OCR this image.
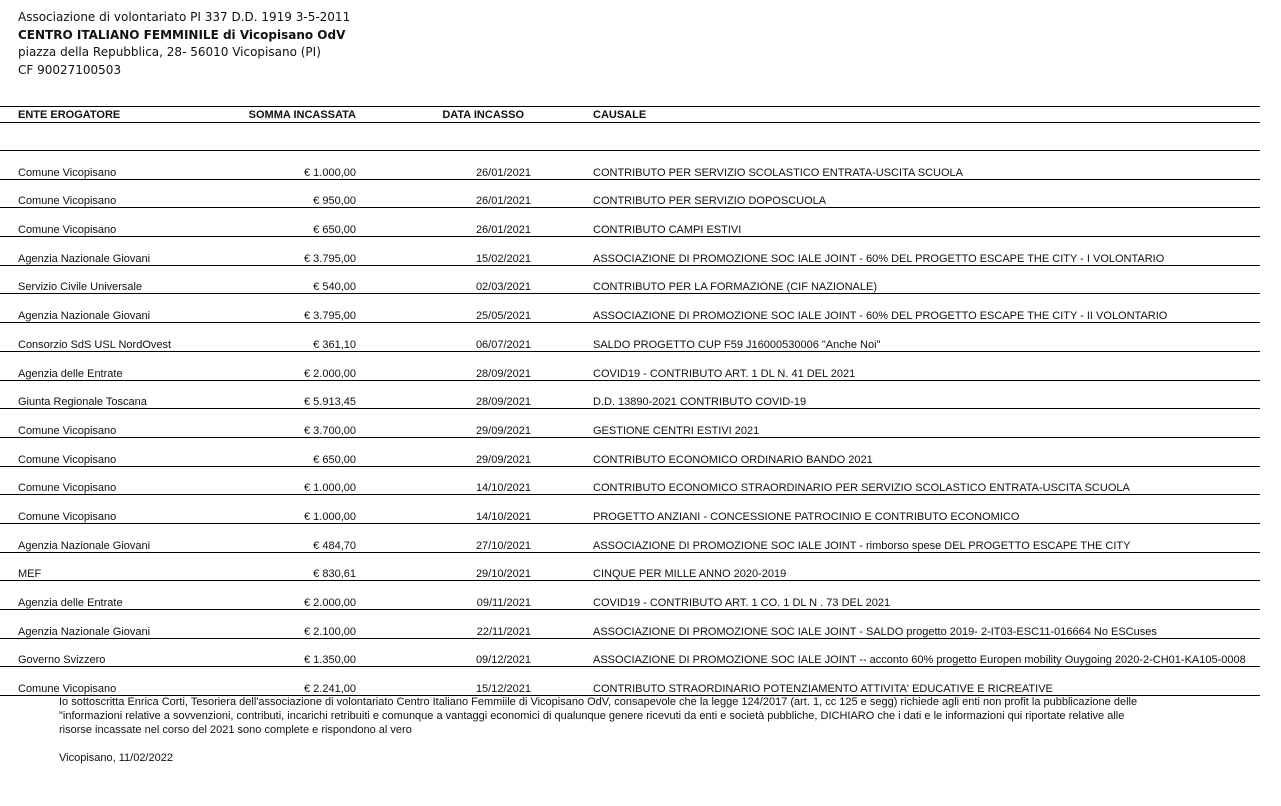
Associazione di volontariato PI 337 D.D. 1919 3-5-2011
CENTRO ITALIANO FEMMINILE di Vicopisano OdV
piazza della Repubblica, 28- 56010 Vicopisano (PI)
CF 90027100503
ENTE EROGATORE	SOMMA INCASSATA	DATA INCASSO	CAUSALE

Comune Vicopisano	€ 1.000,00	26/01/2021	CONTRIBUTO PER SERVIZIO SCOLASTICO ENTRATA-USCITA SCUOLA
Comune Vicopisano	€ 950,00	26/01/2021	CONTRIBUTO PER SERVIZIO DOPOSCUOLA
Comune Vicopisano	€ 650,00	26/01/2021	CONTRIBUTO CAMPI ESTIVI
Agenzia Nazionale Giovani	€ 3.795,00	15/02/2021	ASSOCIAZIONE DI PROMOZIONE SOC IALE JOINT - 60% DEL PROGETTO ESCAPE THE CITY - I VOLONTARIO
Servizio Civile Universale	€ 540,00	02/03/2021	CONTRIBUTO PER LA FORMAZIONE (CIF NAZIONALE)
Agenzia Nazionale Giovani	€ 3.795,00	25/05/2021	ASSOCIAZIONE DI PROMOZIONE SOC IALE JOINT - 60% DEL PROGETTO ESCAPE THE CITY - II VOLONTARIO
Consorzio SdS USL NordOvest	€ 361,10	06/07/2021	SALDO PROGETTO CUP F59 J16000530006 "Anche Noi"
Agenzia delle Entrate	€ 2.000,00	28/09/2021	COVID19 - CONTRIBUTO ART. 1 DL N. 41 DEL 2021
Giunta Regionale Toscana	€ 5.913,45	28/09/2021	D.D. 13890-2021 CONTRIBUTO COVID-19
Comune Vicopisano	€ 3.700,00	29/09/2021	GESTIONE CENTRI ESTIVI 2021
Comune Vicopisano	€ 650,00	29/09/2021	CONTRIBUTO ECONOMICO ORDINARIO BANDO 2021
Comune Vicopisano	€ 1.000,00	14/10/2021	CONTRIBUTO ECONOMICO STRAORDINARIO PER SERVIZIO SCOLASTICO ENTRATA-USCITA SCUOLA
Comune Vicopisano	€ 1.000,00	14/10/2021	PROGETTO ANZIANI - CONCESSIONE PATROCINIO E CONTRIBUTO ECONOMICO
Agenzia Nazionale Giovani	€ 484,70	27/10/2021	ASSOCIAZIONE DI PROMOZIONE SOC IALE JOINT - rimborso spese DEL PROGETTO ESCAPE THE CITY
MEF	€ 830,61	29/10/2021	CINQUE PER MILLE ANNO 2020-2019
Agenzia delle Entrate	€ 2.000,00	09/11/2021	COVID19 - CONTRIBUTO ART. 1 CO. 1 DL N . 73 DEL 2021
Agenzia Nazionale Giovani	€ 2.100,00	22/11/2021	ASSOCIAZIONE DI PROMOZIONE SOC IALE JOINT - SALDO progetto 2019- 2-IT03-ESC11-016664 No ESCuses
Governo Svizzero	€ 1.350,00	09/12/2021	ASSOCIAZIONE DI PROMOZIONE SOC IALE JOINT -- acconto 60% progetto Europen mobility Ouygoing 2020-2-CH01-KA105-0008
Comune Vicopisano	€ 2.241,00	15/12/2021	CONTRIBUTO STRAORDINARIO POTENZIAMENTO ATTIVITA' EDUCATIVE E RICREATIVE
Io sottoscritta Enrica Corti, Tesoriera dell'associazione di volontariato Centro Italiano Femmiile di Vicopisano OdV, consapevole che la legge 124/2017 (art. 1, cc 125 e segg) richiede agli enti non profit la pubblicazione delle "informazioni relative a sovvenzioni, contributi, incarichi retribuiti e comunque a vantaggi economici di qualunque genere ricevuti da enti e società pubbliche, DICHIARO che i dati e le informazioni qui riportate relative alle risorse incassate nel corso del 2021 sono complete e rispondono al vero
Vicopisano, 11/02/2022
